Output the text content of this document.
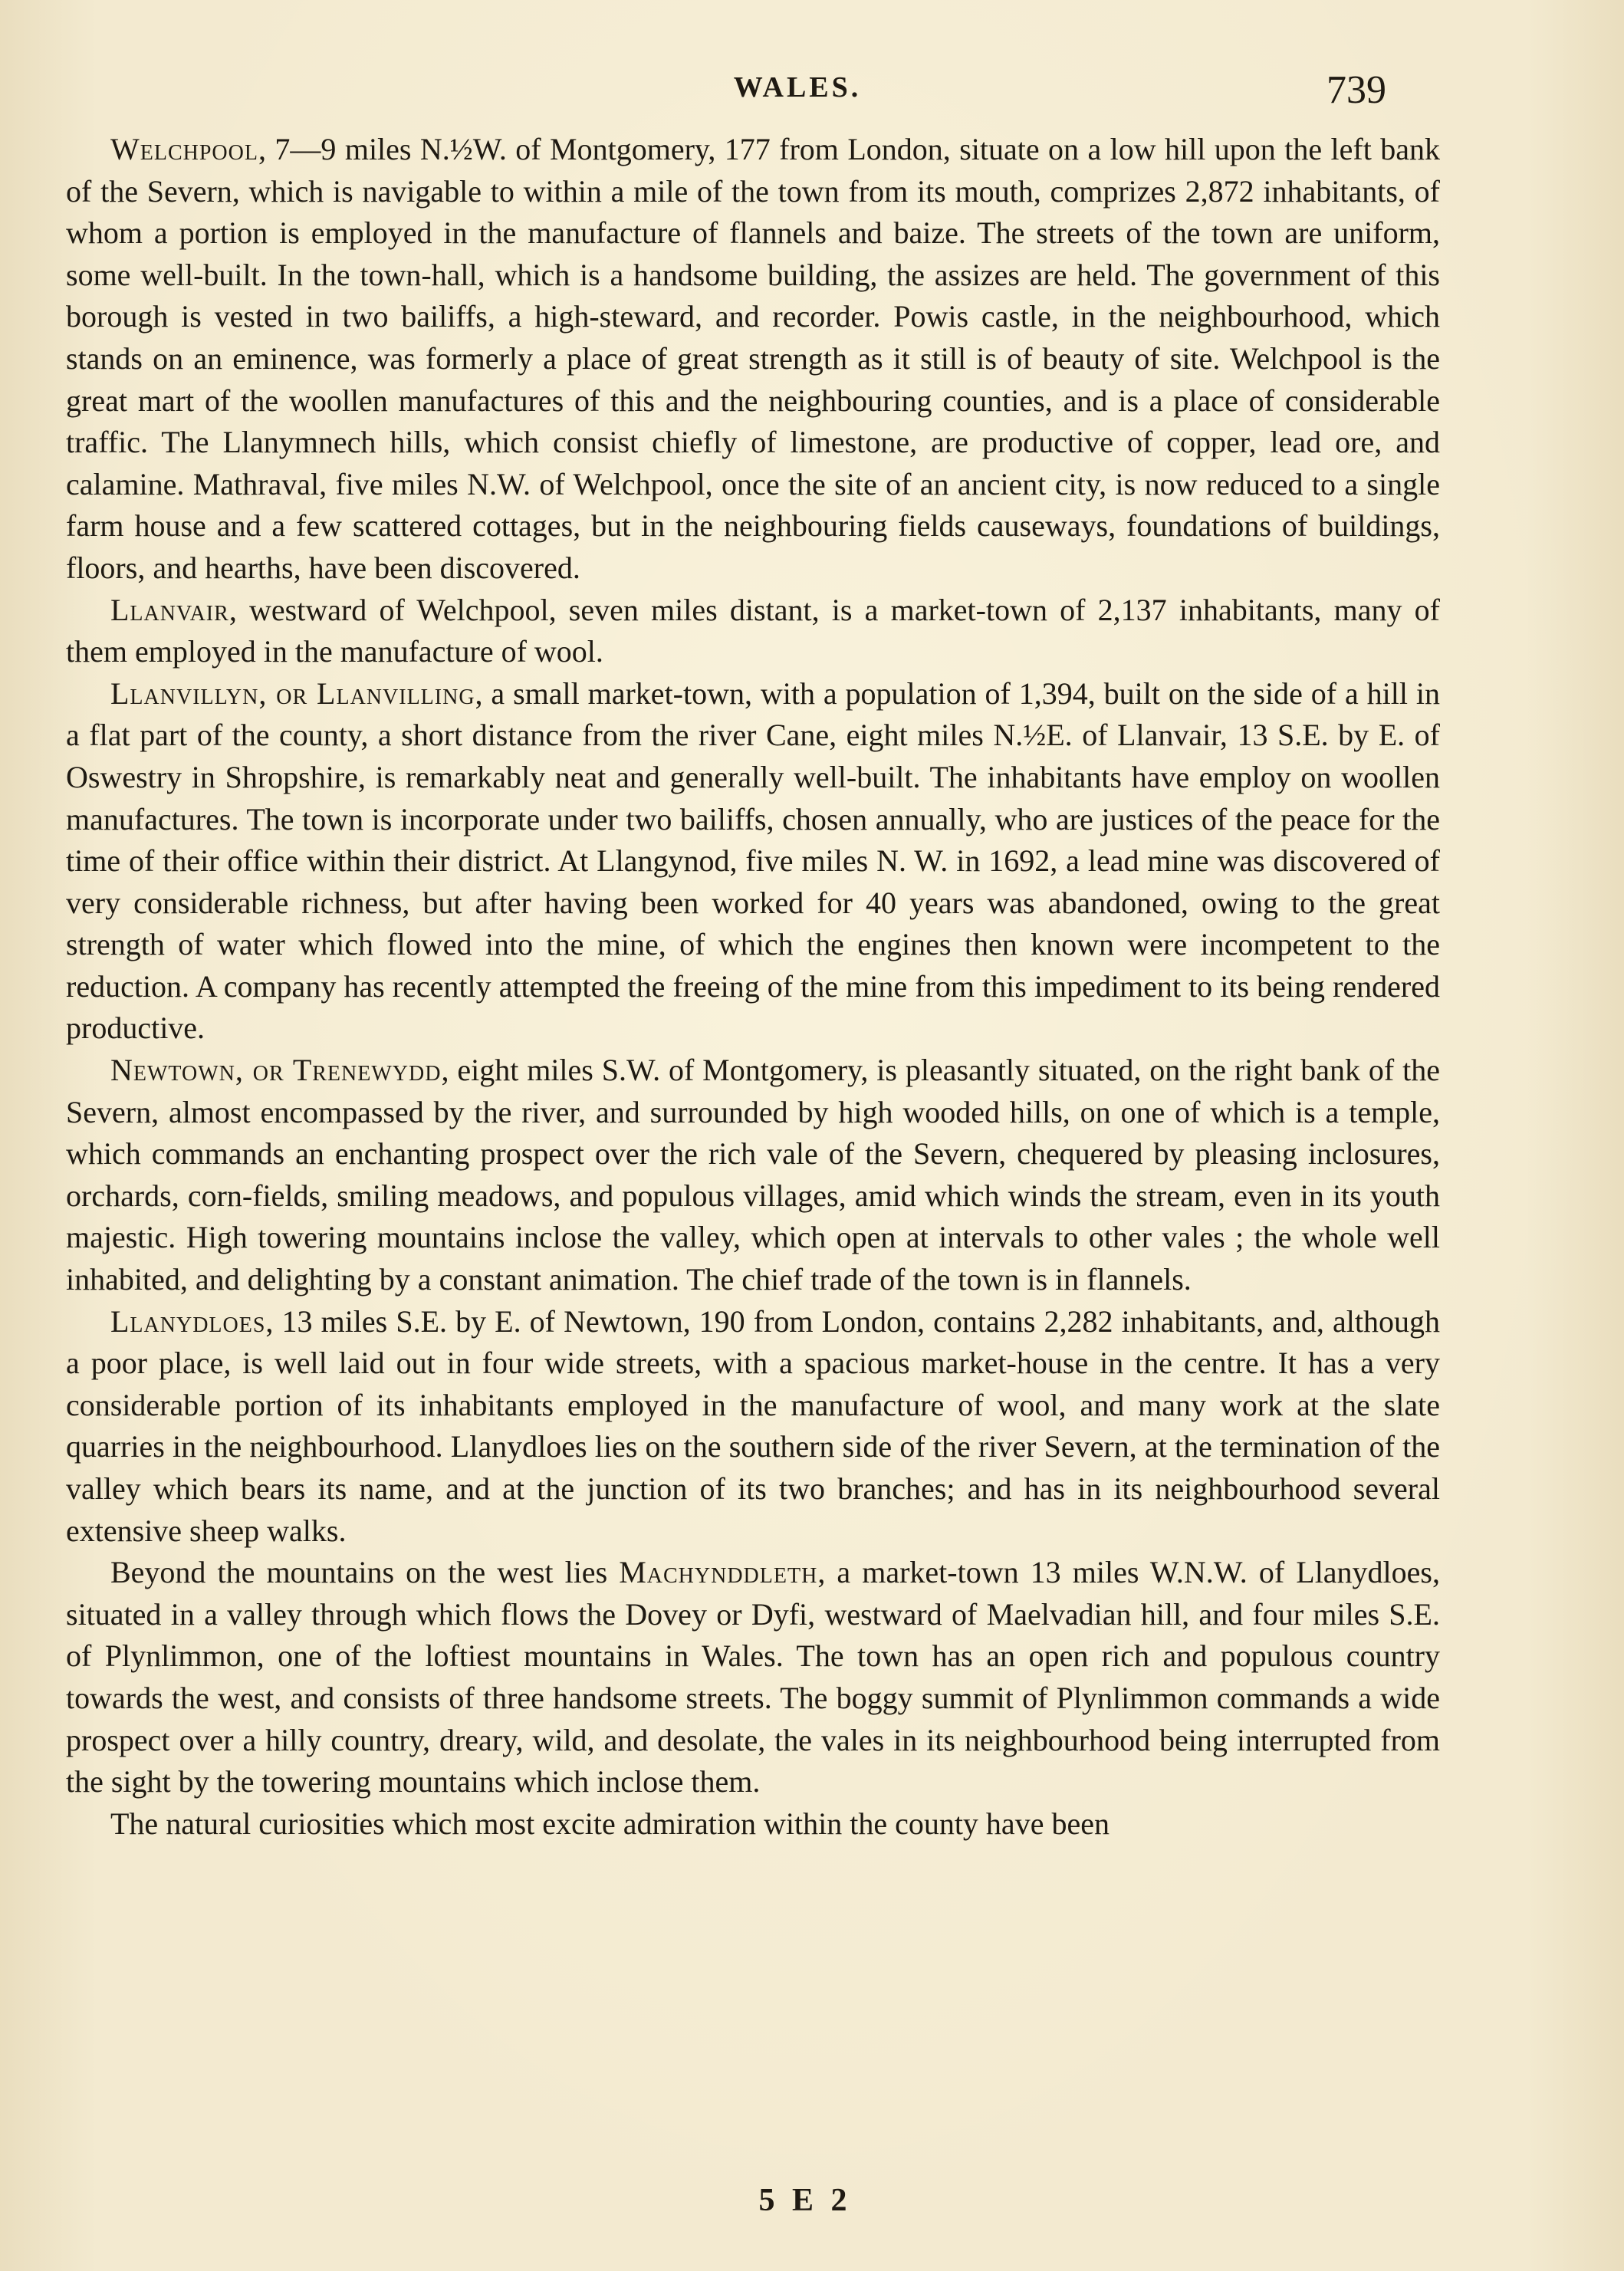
WALES.	739

Welchpool, 7—9 miles N.½W. of Montgomery, 177 from London, situate on a low hill upon the left bank of the Severn, which is navigable to within a mile of the town from its mouth, comprizes 2,872 inhabitants, of whom a portion is employed in the manufacture of flannels and baize. The streets of the town are uniform, some well-built. In the town-hall, which is a handsome building, the assizes are held. The government of this borough is vested in two bailiffs, a high-steward, and recorder. Powis castle, in the neighbourhood, which stands on an eminence, was formerly a place of great strength as it still is of beauty of site. Welchpool is the great mart of the woollen manufactures of this and the neighbouring counties, and is a place of considerable traffic. The Llanymnech hills, which consist chiefly of limestone, are productive of copper, lead ore, and calamine. Mathraval, five miles N.W. of Welchpool, once the site of an ancient city, is now reduced to a single farm house and a few scattered cottages, but in the neighbouring fields causeways, foundations of buildings, floors, and hearths, have been discovered.

Llanvair, westward of Welchpool, seven miles distant, is a market-town of 2,137 inhabitants, many of them employed in the manufacture of wool.

Llanvillyn, or Llanvilling, a small market-town, with a population of 1,394, built on the side of a hill in a flat part of the county, a short distance from the river Cane, eight miles N.½E. of Llanvair, 13 S.E. by E. of Oswestry in Shropshire, is remarkably neat and generally well-built. The inhabitants have employ on woollen manufactures. The town is incorporate under two bailiffs, chosen annually, who are justices of the peace for the time of their office within their district. At Llangynod, five miles N. W. in 1692, a lead mine was discovered of very considerable richness, but after having been worked for 40 years was abandoned, owing to the great strength of water which flowed into the mine, of which the engines then known were incompetent to the reduction. A company has recently attempted the freeing of the mine from this impediment to its being rendered productive.

Newtown, or Trenewydd, eight miles S.W. of Montgomery, is pleasantly situated, on the right bank of the Severn, almost encompassed by the river, and surrounded by high wooded hills, on one of which is a temple, which commands an enchanting prospect over the rich vale of the Severn, chequered by pleasing inclosures, orchards, corn-fields, smiling meadows, and populous villages, amid which winds the stream, even in its youth majestic. High towering mountains inclose the valley, which open at intervals to other vales ; the whole well inhabited, and delighting by a constant animation. The chief trade of the town is in flannels.

Llanydloes, 13 miles S.E. by E. of Newtown, 190 from London, contains 2,282 inhabitants, and, although a poor place, is well laid out in four wide streets, with a spacious market-house in the centre. It has a very considerable portion of its inhabitants employed in the manufacture of wool, and many work at the slate quarries in the neighbourhood. Llanydloes lies on the southern side of the river Severn, at the termination of the valley which bears its name, and at the junction of its two branches; and has in its neighbourhood several extensive sheep walks.

Beyond the mountains on the west lies Machynddleth, a market-town 13 miles W.N.W. of Llanydloes, situated in a valley through which flows the Dovey or Dyfi, westward of Maelvadian hill, and four miles S.E. of Plynlimmon, one of the loftiest mountains in Wales. The town has an open rich and populous country towards the west, and consists of three handsome streets. The boggy summit of Plynlimmon commands a wide prospect over a hilly country, dreary, wild, and desolate, the vales in its neighbourhood being interrupted from the sight by the towering mountains which inclose them.

The natural curiosities which most excite admiration within the county have been

5 E 2
